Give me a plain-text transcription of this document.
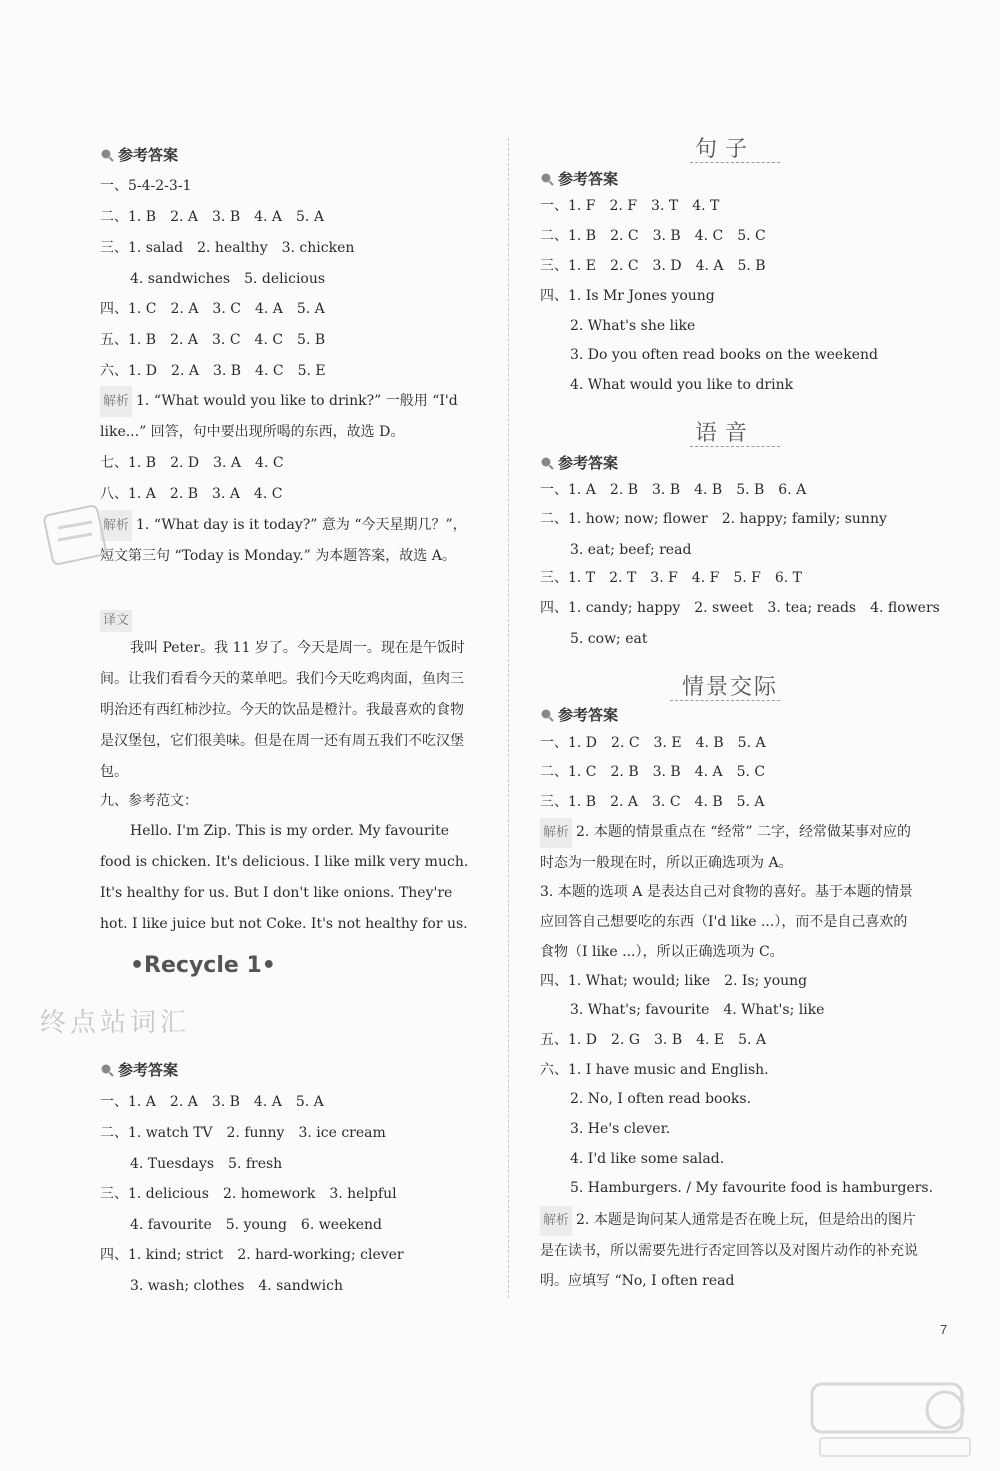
参考答案
一、5-4-2-3-1
二、1. B　2. A　3. B　4. A　5. A
三、1. salad　2. healthy　3. chicken
4. sandwiches　5. delicious
四、1. C　2. A　3. C　4. A　5. A
五、1. B　2. A　3. C　4. C　5. B
六、1. D　2. A　3. B　4. C　5. E
解析 1. “What would you like to drink?” 一般用 “I'd like...” 回答，句中要出现所喝的东西，故选 D。
七、1. B　2. D　3. A　4. C
八、1. A　2. B　3. A　4. C
解析 1. “What day is it today?” 意为 “今天星期几？”，短文第三句 “Today is Monday.” 为本题答案，故选 A。
译文
我叫 Peter。我 11 岁了。今天是周一。现在是午饭时间。让我们看看今天的菜单吧。我们今天吃鸡肉面，鱼肉三明治还有西红柿沙拉。今天的饮品是橙汁。我最喜欢的食物是汉堡包，它们很美味。但是在周一还有周五我们不吃汉堡包。
九、参考范文：
Hello. I'm Zip. This is my order. My favourite food is chicken. It's delicious. I like milk very much. It's healthy for us. But I don't like onions. They're hot. I like juice but not Coke. It's not healthy for us.
参考答案
一、1. A　2. A　3. B　4. A　5. A
二、1. watch TV　2. funny　3. ice cream
4. Tuesdays　5. fresh
三、1. delicious　2. homework　3. helpful
4. favourite　5. young　6. weekend
四、1. kind; strict　2. hard-working; clever
3. wash; clothes　4. sandwich
•Recycle 1•
终点站词汇
句子
参考答案
一、1. F　2. F　3. T　4. T
二、1. B　2. C　3. B　4. C　5. C
三、1. E　2. C　3. D　4. A　5. B
四、1. Is Mr Jones young
2. What's she like
3. Do you often read books on the weekend
4. What would you like to drink
语音
参考答案
一、1. A　2. B　3. B　4. B　5. B　6. A
二、1. how; now; flower　2. happy; family; sunny
3. eat; beef; read
三、1. T　2. T　3. F　4. F　5. F　6. T
四、1. candy; happy　2. sweet　3. tea; reads　4. flowers
5. cow; eat
情景交际
参考答案
一、1. D　2. C　3. E　4. B　5. A
二、1. C　2. B　3. B　4. A　5. C
三、1. B　2. A　3. C　4. B　5. A
解析 2. 本题的情景重点在 “经常” 二字，经常做某事对应的时态为一般现在时，所以正确选项为 A。
3. 本题的选项 A 是表达自己对食物的喜好。基于本题的情景应回答自己想要吃的东西（I'd like ...），而不是自己喜欢的食物（I like ...），所以正确选项为 C。
四、1. What; would; like　2. Is; young
3. What's; favourite　4. What's; like
五、1. D　2. G　3. B　4. E　5. A
六、1. I have music and English.
2. No, I often read books.
3. He's clever.
4. I'd like some salad.
5. Hamburgers. / My favourite food is hamburgers.
解析 2. 本题是询问某人通常是否在晚上玩，但是给出的图片是在读书，所以需要先进行否定回答以及对图片动作的补充说明。应填写 “No, I often read
7
